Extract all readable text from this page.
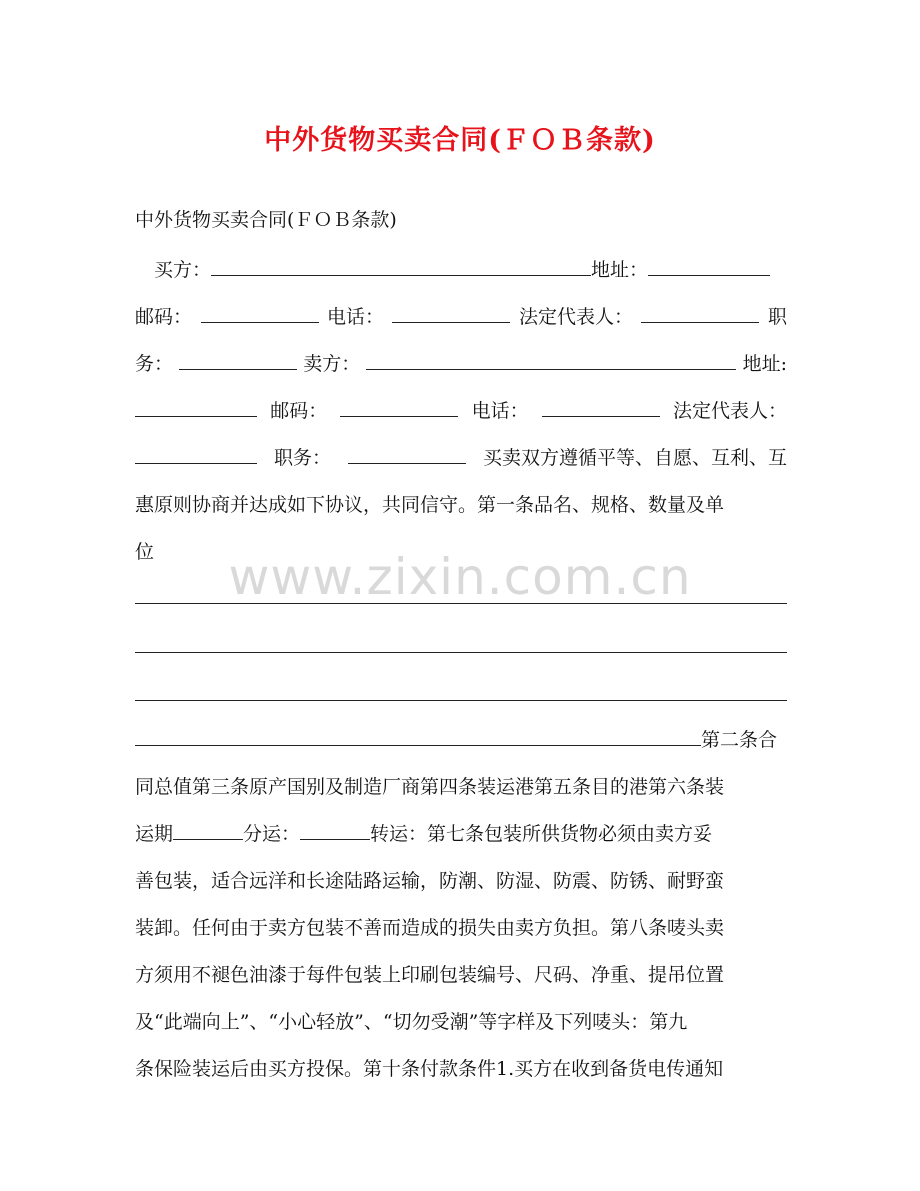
中外货物买卖合同(ＦＯＢ条款)
中外货物买卖合同(ＦＯＢ条款)
买方：	地址：
邮码：	电话：	法定代表人：	职
务：	卖方：	地址:
邮码：	电话：	法定代表人：
职务：	买卖双方遵循平等、自愿、互利、互
惠原则协商并达成如下协议，共同信守。第一条品名、规格、数量及单
位	www.zixin.com.cn
第二条合
同总值第三条原产国别及制造厂商第四条装运港第五条目的港第六条装
运期	分运：	转运：第七条包装所供货物必须由卖方妥
善包装，适合远洋和长途陆路运输，防潮、防湿、防震、防锈、耐野蛮
装卸。任何由于卖方包装不善而造成的损失由卖方负担。第八条唛头卖
方须用不褪色油漆于每件包装上印刷包装编号、尺码、净重、提吊位置
及“此端向上”、“小心轻放”、“切勿受潮”等字样及下列唛头：第九
条保险装运后由买方投保。第十条付款条件1.买方在收到备货电传通知
